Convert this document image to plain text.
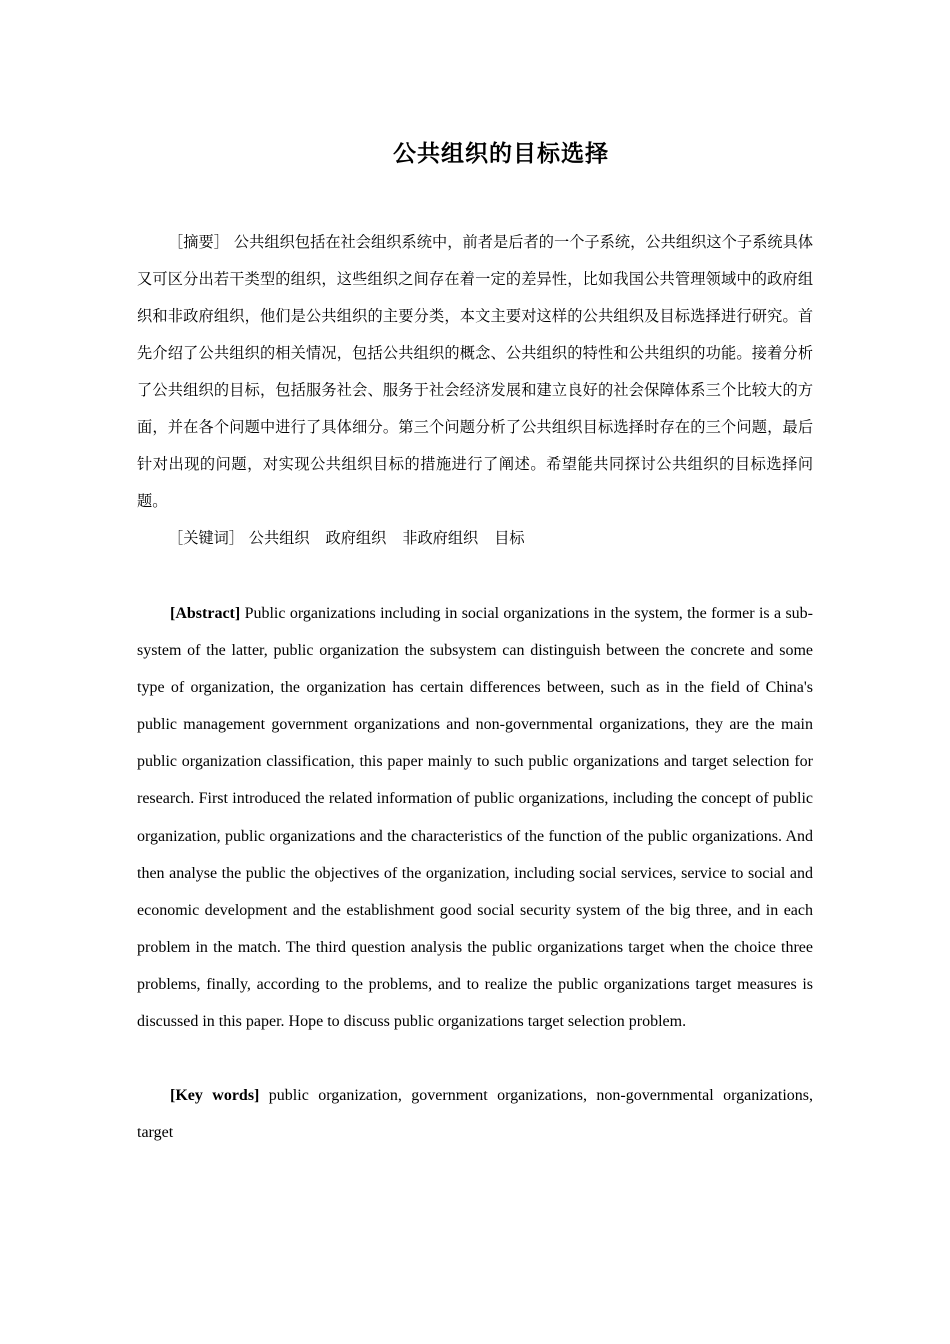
公共组织的目标选择

［摘要］ 公共组织包括在社会组织系统中，前者是后者的一个子系统，公共组织这个子系统具体又可区分出若干类型的组织，这些组织之间存在着一定的差异性，比如我国公共管理领域中的政府组织和非政府组织，他们是公共组织的主要分类，本文主要对这样的公共组织及目标选择进行研究。首先介绍了公共组织的相关情况，包括公共组织的概念、公共组织的特性和公共组织的功能。接着分析了公共组织的目标，包括服务社会、服务于社会经济发展和建立良好的社会保障体系三个比较大的方面，并在各个问题中进行了具体细分。第三个问题分析了公共组织目标选择时存在的三个问题，最后针对出现的问题，对实现公共组织目标的措施进行了阐述。希望能共同探讨公共组织的目标选择问题。

［关键词］ 公共组织 政府组织 非政府组织 目标

[Abstract] Public organizations including in social organizations in the system, the former is a sub-system of the latter, public organization the subsystem can distinguish between the concrete and some type of organization, the organization has certain differences between, such as in the field of China's public management government organizations and non-governmental organizations, they are the main public organization classification, this paper mainly to such public organizations and target selection for research. First introduced the related information of public organizations, including the concept of public organization, public organizations and the characteristics of the function of the public organizations. And then analyse the public the objectives of the organization, including social services, service to social and economic development and the establishment good social security system of the big three, and in each problem in the match. The third question analysis the public organizations target when the choice three problems, finally, according to the problems, and to realize the public organizations target measures is discussed in this paper. Hope to discuss public organizations target selection problem.

[Key words] public organization, government organizations, non-governmental organizations, target
